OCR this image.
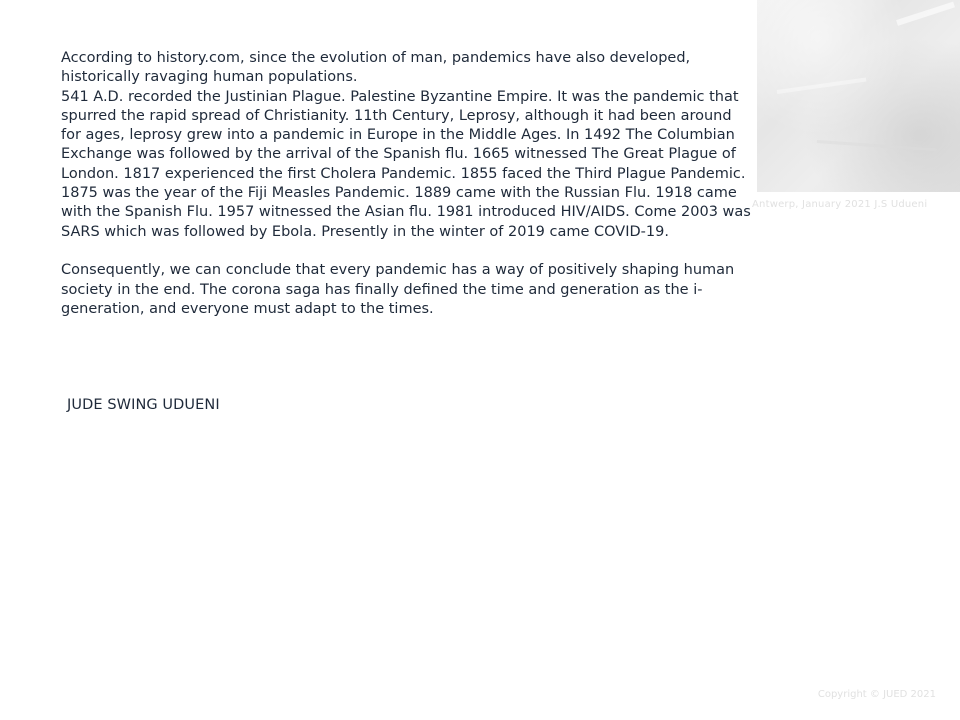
Antwerp, January 2021 J.S Udueni

According to history.com, since the evolution of man, pandemics have also developed, historically ravaging human populations.

541 A.D. recorded the Justinian Plague. Palestine Byzantine Empire. It was the pandemic that spurred the rapid spread of Christianity. 11th Century, Leprosy, although it had been around for ages, leprosy grew into a pandemic in Europe in the Middle Ages. In 1492 The Columbian Exchange was followed by the arrival of the Spanish flu. 1665 witnessed The Great Plague of London. 1817 experienced the first Cholera Pandemic. 1855 faced the Third Plague Pandemic. 1875 was the year of the Fiji Measles Pandemic. 1889 came with the Russian Flu. 1918 came with the Spanish Flu. 1957 witnessed the Asian flu. 1981 introduced HIV/AIDS. Come 2003 was SARS which was followed by Ebola. Presently in the winter of 2019 came COVID-19.

Consequently, we can conclude that every pandemic has a way of positively shaping human society in the end. The corona saga has finally defined the time and generation as the i-generation, and everyone must adapt to the times.

JUDE SWING UDUENI
Copyright © JUED 2021
